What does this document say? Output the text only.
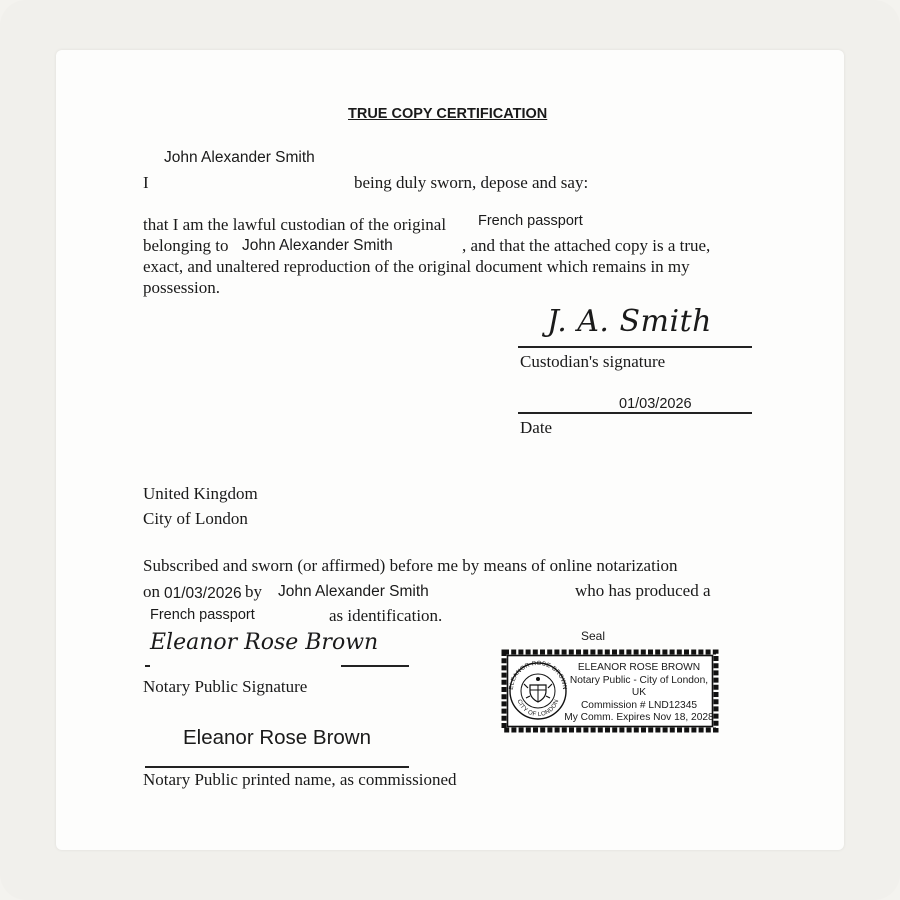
TRUE COPY CERTIFICATION
John Alexander Smith
I	being duly sworn, depose and say:
that I am the lawful custodian of the original French passport
belonging to John Alexander Smith	, and that the attached copy is a true,
exact, and unaltered reproduction of the original document which remains in my
possession.
J. A. Smith
Custodian's signature
01/03/2026
Date
United Kingdom
City of London
Subscribed and sworn (or affirmed) before me by means of online notarization
on 01/03/2026 by John Alexander Smith	who has produced a
French passport	as identification.
Eleanor Rose Brown
Notary Public Signature
Eleanor Rose Brown
Notary Public printed name, as commissioned
Seal
ELEANOR ROSE BROWN
CITY OF LONDON
ELEANOR ROSE BROWN
Notary Public - City of London, UK
Commission # LND12345
My Comm. Expires Nov 18, 2028
